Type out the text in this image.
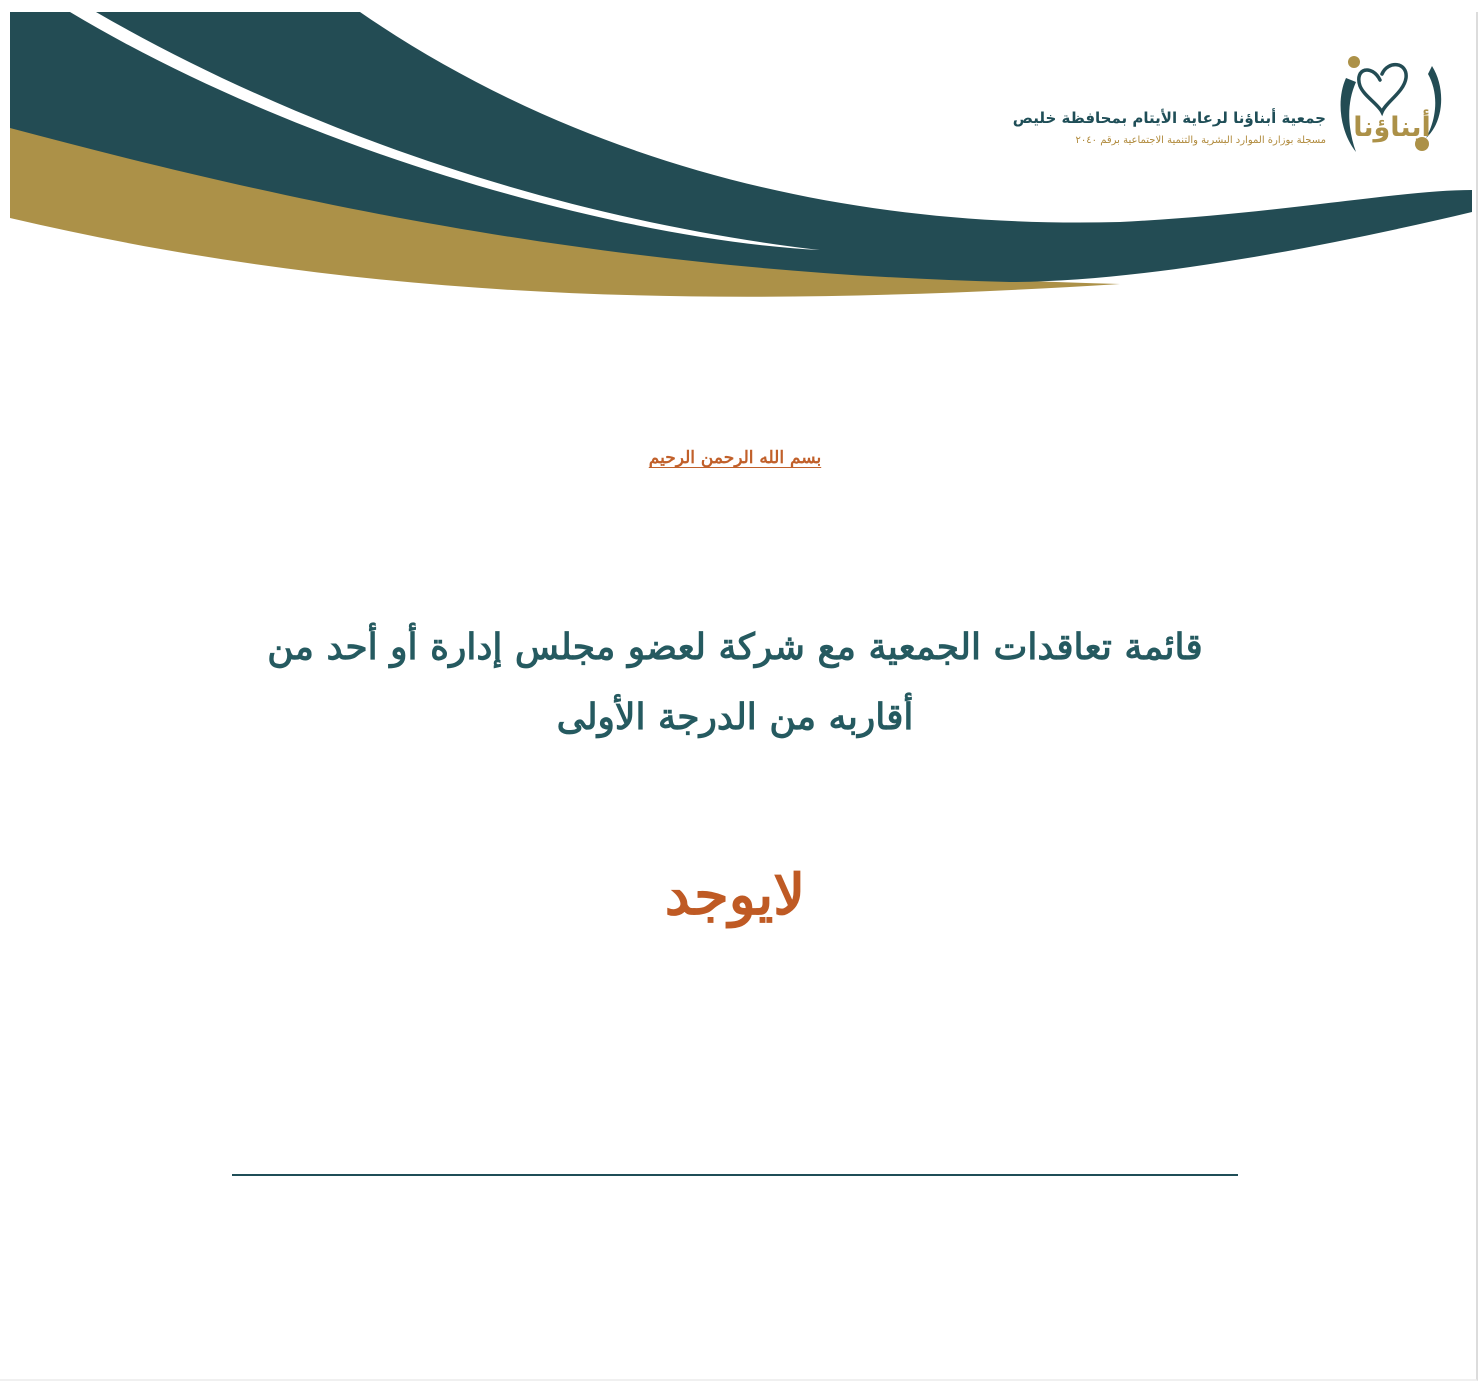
أبناؤنا
جمعية أبناؤنا لرعاية الأيتام بمحافظة خليص
مسجلة بوزارة الموارد البشرية والتنمية الاجتماعية برقم ٢٠٤٠
بسم الله الرحمن الرحيم
قائمة تعاقدات الجمعية مع شركة لعضو مجلس إدارة أو أحد من
أقاربه من الدرجة الأولى
لايوجد
